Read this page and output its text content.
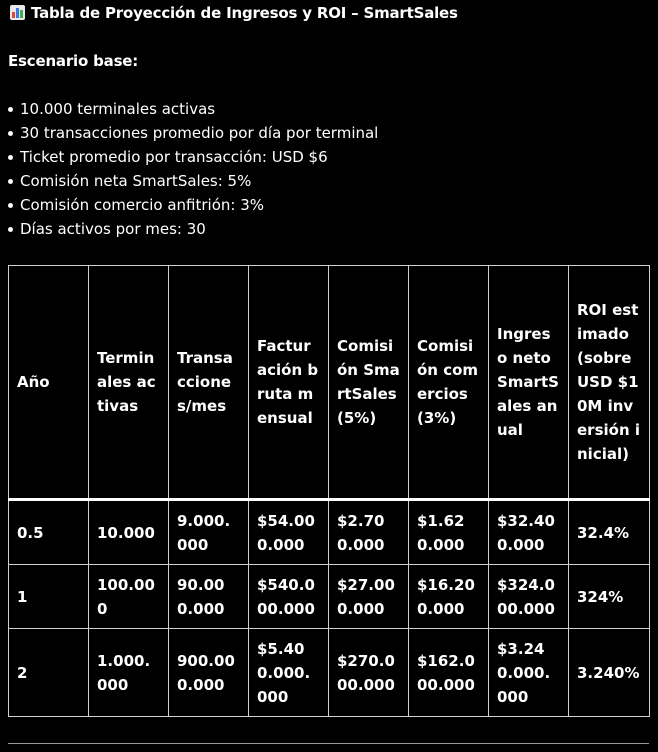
Tabla de Proyección de Ingresos y ROI – SmartSales
Escenario base:
10.000 terminales activas
30 transacciones promedio por día por terminal
Ticket promedio por transacción: USD $6
Comisión neta SmartSales: 5%
Comisión comercio anfitrión: 3%
Días activos por mes: 30
Año	Terminales activas	Transacciones/mes	Facturación bruta mensual	Comisión SmartSales (5%)	Comisión comercios (3%)	Ingreso neto SmartSales anual	ROI estimado (sobre USD $10M inversión inicial)
0.5	10.000	9.000.000	$54.000.000	$2.700.000	$1.620.000	$32.400.000	32.4%
1	100.000	90.000.000	$540.000.000	$27.000.000	$16.200.000	$324.000.000	324%
2	1.000.000	900.000.000	$5.400.000.000	$270.000.000	$162.000.000	$3.240.000.000	3.240%
